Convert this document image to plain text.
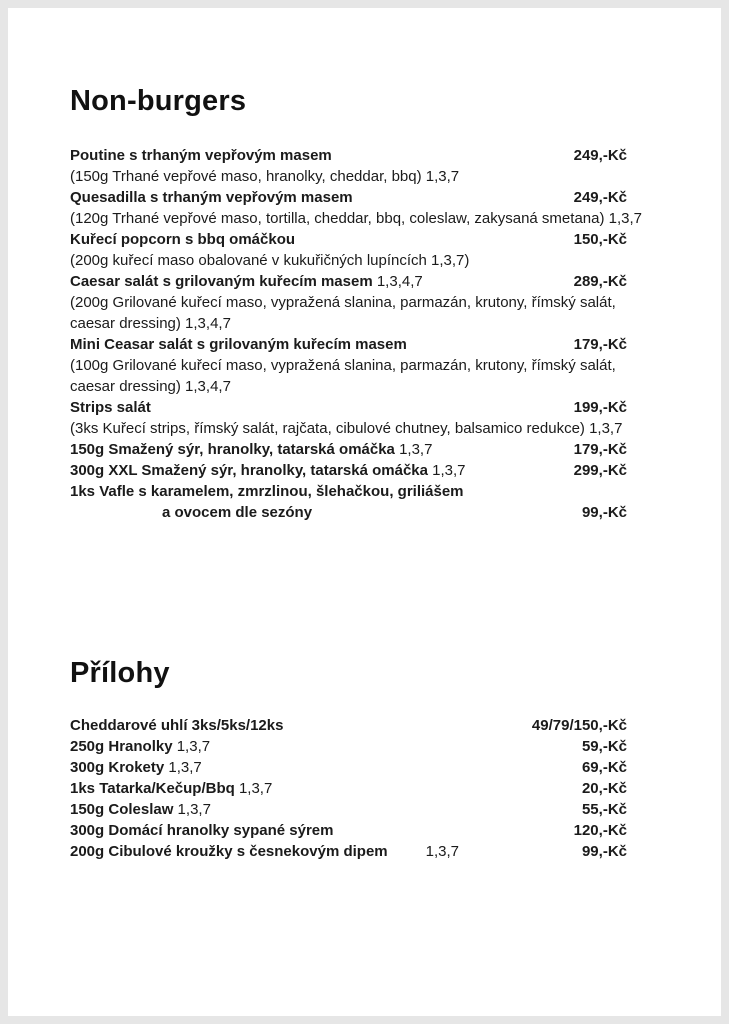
Non-burgers
Poutine s trhaným vepřovým masem	249,-Kč
(150g Trhané vepřové maso, hranolky, cheddar, bbq) 1,3,7
Quesadilla s trhaným vepřovým masem	249,-Kč
(120g Trhané vepřové maso, tortilla, cheddar, bbq, coleslaw, zakysaná smetana) 1,3,7
Kuřecí popcorn s bbq omáčkou	150,-Kč
(200g kuřecí maso obalované v kukuřičných lupíncích 1,3,7)
Caesar salát s grilovaným kuřecím masem 1,3,4,7	289,-Kč
(200g Grilované kuřecí maso, vypražená slanina, parmazán, krutony, římský salát, caesar dressing) 1,3,4,7
Mini Ceasar salát s grilovaným kuřecím masem	179,-Kč
(100g Grilované kuřecí maso, vypražená slanina, parmazán, krutony, římský salát, caesar dressing) 1,3,4,7
Strips salát	199,-Kč
(3ks Kuřecí strips, římský salát, rajčata, cibulové chutney, balsamico redukce) 1,3,7
150g Smažený sýr, hranolky, tatarská omáčka 1,3,7	179,-Kč
300g XXL Smažený sýr, hranolky, tatarská omáčka 1,3,7	299,-Kč
1ks Vafle s karamelem, zmrzlinou, šlehačkou, griliášem
a ovocem dle sezóny	99,-Kč
Přílohy
Cheddarové uhlí 3ks/5ks/12ks	49/79/150,-Kč
250g Hranolky 1,3,7	59,-Kč
300g Krokety 1,3,7	69,-Kč
1ks Tatarka/Kečup/Bbq 1,3,7	20,-Kč
150g Coleslaw 1,3,7	55,-Kč
300g Domácí hranolky sypané sýrem	120,-Kč
200g Cibulové kroužky s česnekovým dipem	1,3,7	99,-Kč
